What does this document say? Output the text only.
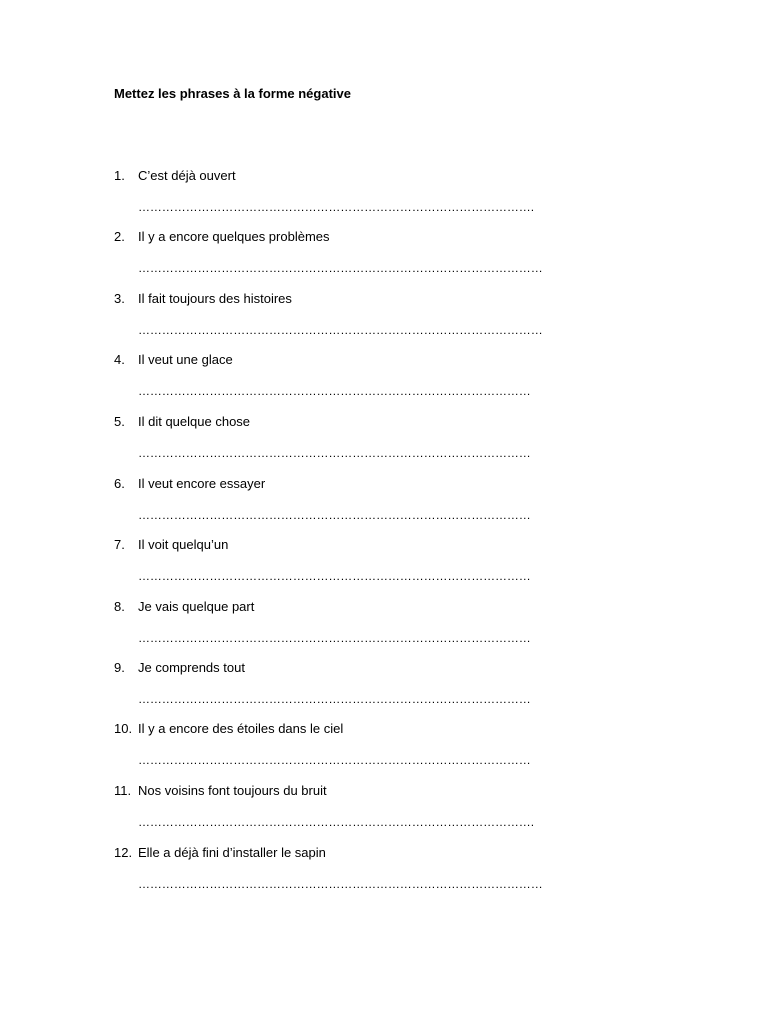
Mettez les phrases à la forme négative
1. C’est déjà ouvert
……………………………………………………………………………………….
2. Il y a encore quelques problèmes
…………………………………………………………………………………………
3. Il fait toujours des histoires
…………………………………………………………………………………………
4. Il veut une glace
………………………………………………………………………………………
5. Il dit quelque chose
………………………………………………………………………………………
6. Il veut encore essayer
………………………………………………………………………………………
7. Il voit quelqu’un
………………………………………………………………………………………
8. Je vais quelque part
………………………………………………………………………………………
9. Je comprends tout
………………………………………………………………………………………
10. Il y a encore des étoiles dans le ciel
………………………………………………………………………………………
11. Nos voisins font toujours du bruit
……………………………………………………………………………………….
12. Elle a déjà fini d’installer le sapin
…………………………………………………………………………………………
